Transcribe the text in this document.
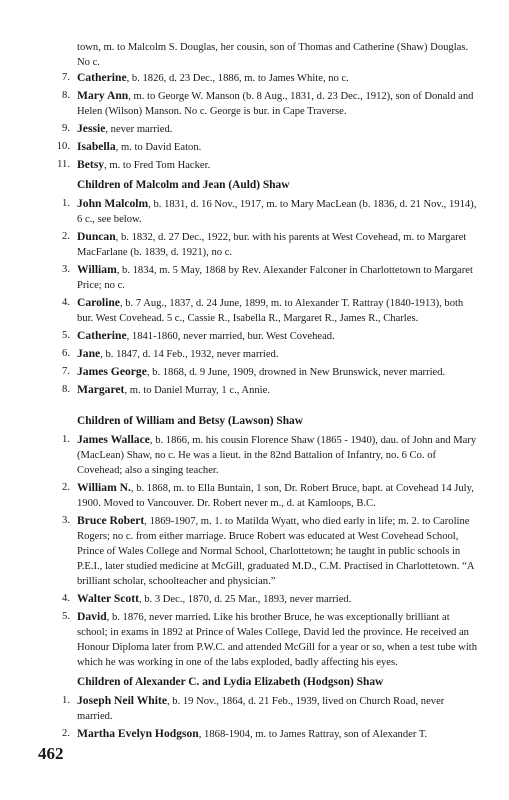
town, m. to Malcolm S. Douglas, her cousin, son of Thomas and Catherine (Shaw) Douglas. No c.
7. Catherine, b. 1826, d. 23 Dec., 1886, m. to James White, no c.
8. Mary Ann, m. to George W. Manson (b. 8 Aug., 1831, d. 23 Dec., 1912), son of Donald and Helen (Wilson) Manson. No c. George is bur. in Cape Traverse.
9. Jessie, never married.
10. Isabella, m. to David Eaton.
11. Betsy, m. to Fred Tom Hacker.
Children of Malcolm and Jean (Auld) Shaw
1. John Malcolm, b. 1831, d. 16 Nov., 1917, m. to Mary MacLean (b. 1836, d. 21 Nov., 1914), 6 c., see below.
2. Duncan, b. 1832, d. 27 Dec., 1922, bur. with his parents at West Covehead, m. to Margaret MacFarlane (b. 1839, d. 1921), no c.
3. William, b. 1834, m. 5 May, 1868 by Rev. Alexander Falconer in Charlottetown to Margaret Price; no c.
4. Caroline, b. 7 Aug., 1837, d. 24 June, 1899, m. to Alexander T. Rattray (1840-1913), both bur. West Covehead. 5 c., Cassie R., Isabella R., Margaret R., James R., Charles.
5. Catherine, 1841-1860, never married, bur. West Covehead.
6. Jane, b. 1847, d. 14 Feb., 1932, never married.
7. James George, b. 1868, d. 9 June, 1909, drowned in New Brunswick, never married.
8. Margaret, m. to Daniel Murray, 1 c., Annie.
Children of William and Betsy (Lawson) Shaw
1. James Wallace, b. 1866, m. his cousin Florence Shaw (1865 - 1940), dau. of John and Mary (MacLean) Shaw, no c. He was a lieut. in the 82nd Battalion of Infantry, no. 6 Co. of Covehead; also a singing teacher.
2. William N., b. 1868, m. to Ella Buntain, 1 son, Dr. Robert Bruce, bapt. at Covehead 14 July, 1900. Moved to Vancouver. Dr. Robert never m., d. at Kamloops, B.C.
3. Bruce Robert, 1869-1907, m. 1. to Matilda Wyatt, who died early in life; m. 2. to Caroline Rogers; no c. from either marriage. Bruce Robert was educated at West Covehead School, Prince of Wales College and Normal School, Charlottetown; he taught in public schools in P.E.I., later studied medicine at McGill, graduated M.D., C.M. Practised in Charlottetown. “A brilliant scholar, schoolteacher and physician.”
4. Walter Scott, b. 3 Dec., 1870, d. 25 Mar., 1893, never married.
5. David, b. 1876, never married. Like his brother Bruce, he was exceptionally brilliant at school; in exams in 1892 at Prince of Wales College, David led the province. He received an Honour Diploma later from P.W.C. and attended McGill for a year or so, when a test tube with which he was working in one of the labs exploded, badly affecting his eyes.
Children of Alexander C. and Lydia Elizabeth (Hodgson) Shaw
1. Joseph Neil White, b. 19 Nov., 1864, d. 21 Feb., 1939, lived on Church Road, never married.
2. Martha Evelyn Hodgson, 1868-1904, m. to James Rattray, son of Alexander T.
462
